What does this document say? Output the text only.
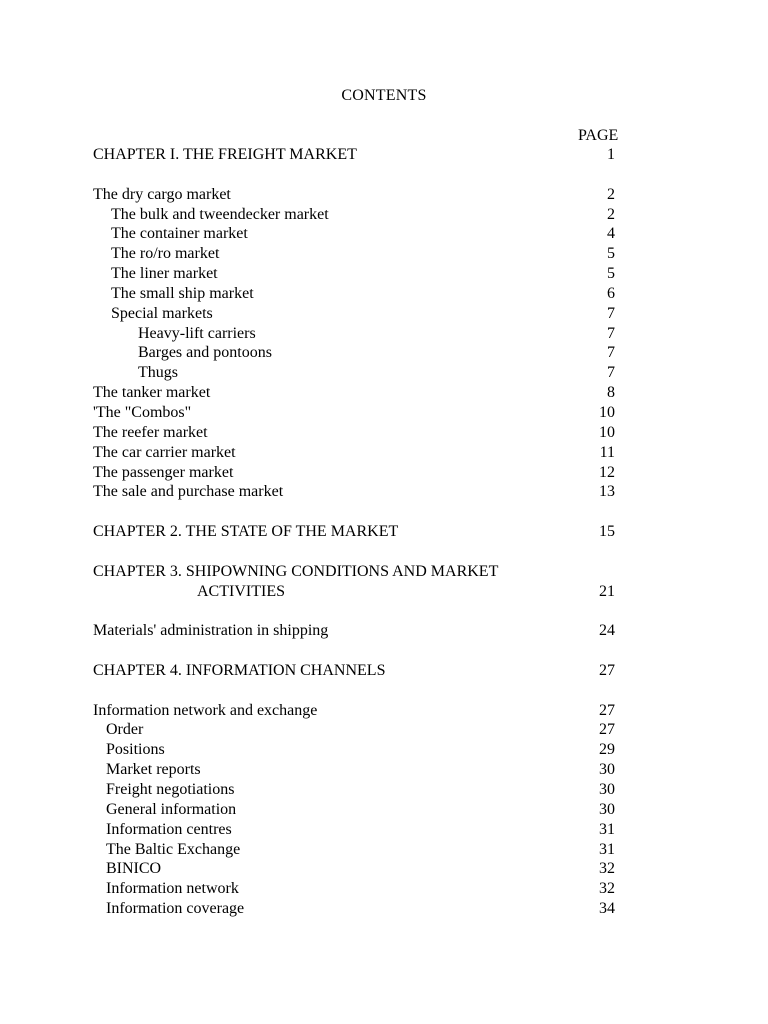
CONTENTS
PAGE
CHAPTER I. THE FREIGHT MARKET	1
The dry cargo market	2
The bulk and tweendecker market	2
The container market	4
The ro/ro market	5
The liner market	5
The small ship market	6
Special markets	7
Heavy-lift carriers	7
Barges and pontoons	7
Thugs	7
The tanker market	8
'The "Combos"	10
The reefer market	10
The car carrier market	11
The passenger market	12
The sale and purchase market	13
CHAPTER 2. THE STATE OF THE MARKET	15
CHAPTER 3. SHIPOWNING CONDITIONS AND MARKET
ACTIVITIES	21
Materials' administration in shipping	24
CHAPTER 4. INFORMATION CHANNELS	27
Information network and exchange	27
Order	27
Positions	29
Market reports	30
Freight negotiations	30
General information	30
Information centres	31
The Baltic Exchange	31
BINICO	32
Information network	32
Information coverage	34
